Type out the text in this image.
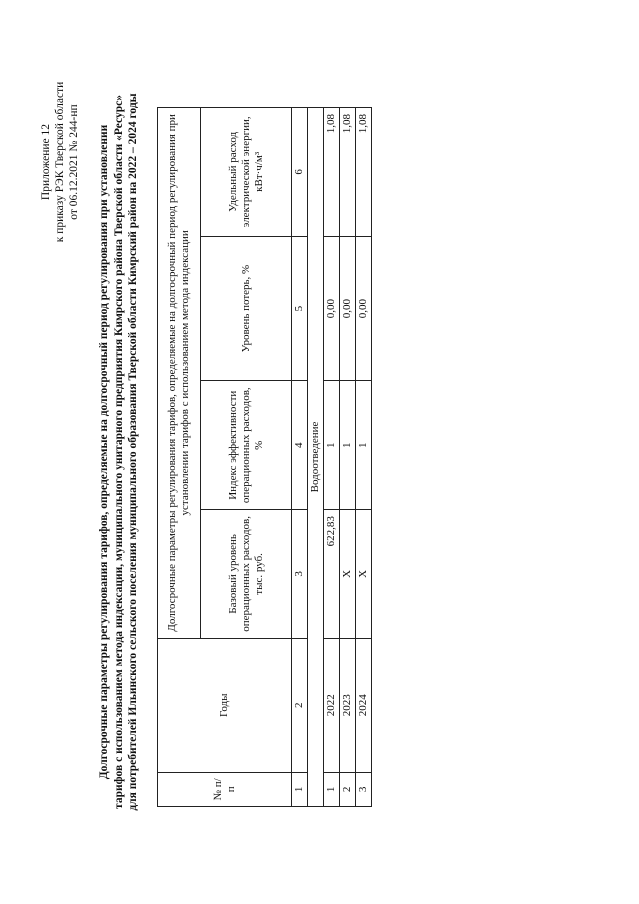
Приложение 12 к приказу РЭК Тверской области от 06.12.2021 № 244-нп Долгосрочные параметры регулирования тарифов, определяемые на долгосрочный период регулирования при установлении тарифов с использованием метода индексации, муниципального унитарного предприятия Кимрского района Тверской области «Ресурс» для потребителей Ильинского сельского поселения муниципального образования Тверской области Кимрский район на 2022 – 2024 годы	№ п/п	Годы	Долгосрочные параметры регулирования тарифов, определяемые на долгосрочный период регулирования при установлении тарифов с использованием метода индексации			
		Базовый уровень операционных расходов, тыс. руб.	Индекс эффективности операционных расходов, %	Уровень потерь, %	Удельный расход электрической энергии, кВт·ч/м³
1	2	3	4	5	6
Водоотведение					
1	2022	622,83	1	0,00	1,08
2	2023	Х	1	0,00	1,08
3	2024	Х	1	0,00	1,08
